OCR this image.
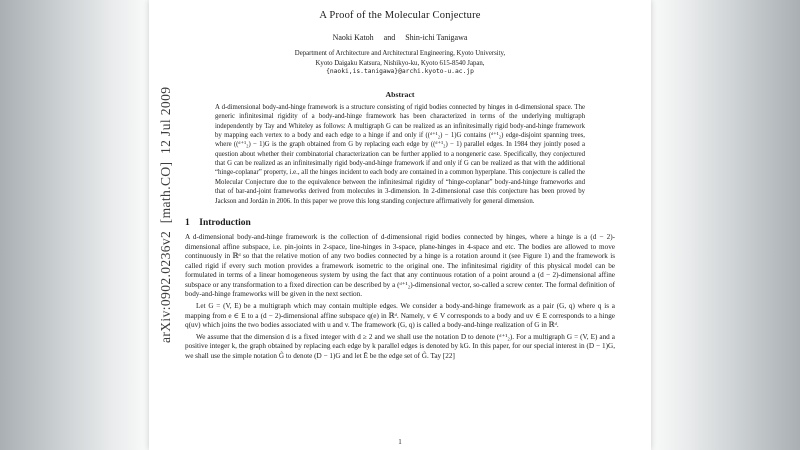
A Proof of the Molecular Conjecture
Naoki Katoh     and     Shin-ichi Tanigawa
Department of Architecture and Architectural Engineering, Kyoto University,
Kyoto Daigaku Katsura, Nishikyo-ku, Kyoto 615-8540 Japan,
{naoki,is.tanigawa}@archi.kyoto-u.ac.jp
Abstract
A d-dimensional body-and-hinge framework is a structure consisting of rigid bodies connected by hinges in d-dimensional space. The generic infinitesimal rigidity of a body-and-hinge framework has been characterized in terms of the underlying multigraph independently by Tay and Whiteley as follows: A multigraph G can be realized as an infinitesimally rigid body-and-hinge framework by mapping each vertex to a body and each edge to a hinge if and only if ((ᵈ⁺¹₂) − 1)G contains (ᵈ⁺¹₂) edge-disjoint spanning trees, where ((ᵈ⁺¹₂) − 1)G is the graph obtained from G by replacing each edge by ((ᵈ⁺¹₂) − 1) parallel edges. In 1984 they jointly posed a question about whether their combinatorial characterization can be further applied to a nongeneric case. Specifically, they conjectured that G can be realized as an infinitesimally rigid body-and-hinge framework if and only if G can be realized as that with the additional “hinge-coplanar” property, i.e., all the hinges incident to each body are contained in a common hyperplane. This conjecture is called the Molecular Conjecture due to the equivalence between the infinitesimal rigidity of “hinge-coplanar” body-and-hinge frameworks and that of bar-and-joint frameworks derived from molecules in 3-dimension. In 2-dimensional case this conjecture has been proved by Jackson and Jordán in 2006. In this paper we prove this long standing conjecture affirmatively for general dimension.
1    Introduction
A d-dimensional body-and-hinge framework is the collection of d-dimensional rigid bodies connected by hinges, where a hinge is a (d − 2)-dimensional affine subspace, i.e. pin-joints in 2-space, line-hinges in 3-space, plane-hinges in 4-space and etc. The bodies are allowed to move continuously in ℝᵈ so that the relative motion of any two bodies connected by a hinge is a rotation around it (see Figure 1) and the framework is called rigid if every such motion provides a framework isometric to the original one. The infinitesimal rigidity of this physical model can be formulated in terms of a linear homogeneous system by using the fact that any continuous rotation of a point around a (d − 2)-dimensional affine subspace or any transformation to a fixed direction can be described by a (ᵈ⁺¹₂)-dimensional vector, so-called a screw center. The formal definition of body-and-hinge frameworks will be given in the next section.
Let G = (V, E) be a multigraph which may contain multiple edges. We consider a body-and-hinge framework as a pair (G, q) where q is a mapping from e ∈ E to a (d − 2)-dimensional affine subspace q(e) in ℝᵈ. Namely, v ∈ V corresponds to a body and uv ∈ E corresponds to a hinge q(uv) which joins the two bodies associated with u and v. The framework (G, q) is called a body-and-hinge realization of G in ℝᵈ.
We assume that the dimension d is a fixed integer with d ≥ 2 and we shall use the notation D to denote (ᵈ⁺¹₂). For a multigraph G = (V, E) and a positive integer k, the graph obtained by replacing each edge by k parallel edges is denoted by kG. In this paper, for our special interest in (D − 1)G, we shall use the simple notation G̃ to denote (D − 1)G and let Ẽ be the edge set of G̃. Tay [22]
1
arXiv:0902.0236v2  [math.CO]  12 Jul 2009
